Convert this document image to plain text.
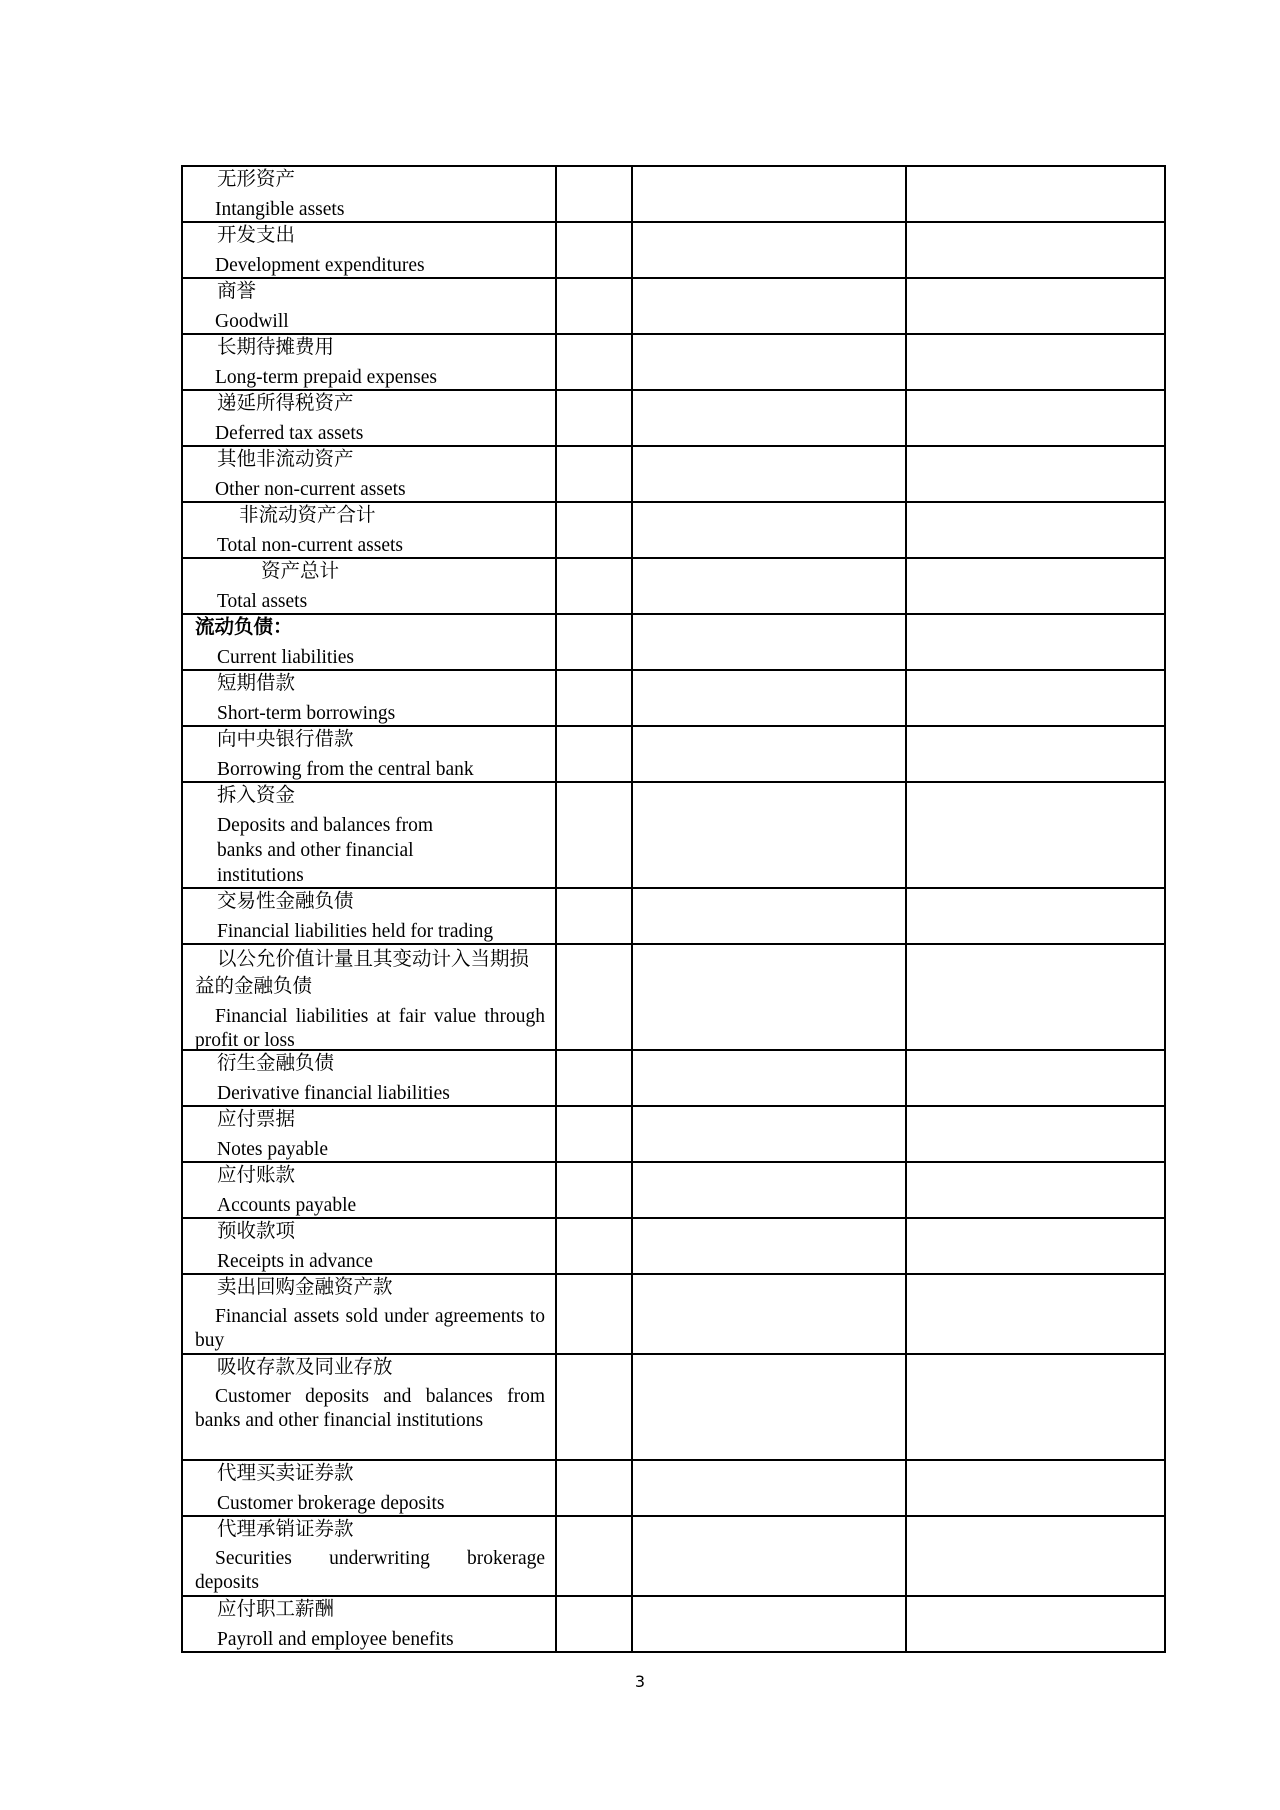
无形资产
Intangible assets			

开发支出
Development expenditures			

商誉
Goodwill			

长期待摊费用
Long-term prepaid expenses			

递延所得税资产
Deferred tax assets			

其他非流动资产
Other non-current assets			

非流动资产合计
Total non-current assets			

资产总计
Total assets			

流动负债：
Current liabilities			

短期借款
Short-term borrowings			

向中央银行借款
Borrowing from the central bank			

拆入资金
Deposits and balances from banks and other financial institutions			

交易性金融负债
Financial liabilities held for trading			

以公允价值计量且其变动计入当期损益的金融负债
Financial liabilities at fair value through profit or loss			

衍生金融负债
Derivative financial liabilities			

应付票据
Notes payable			

应付账款
Accounts payable			

预收款项
Receipts in advance			

卖出回购金融资产款
Financial assets sold under agreements to buy			

吸收存款及同业存放
Customer deposits and balances from banks and other financial institutions			

代理买卖证券款
Customer brokerage deposits			

代理承销证券款
Securities underwriting brokerage deposits			

应付职工薪酬
Payroll and employee benefits			

3
